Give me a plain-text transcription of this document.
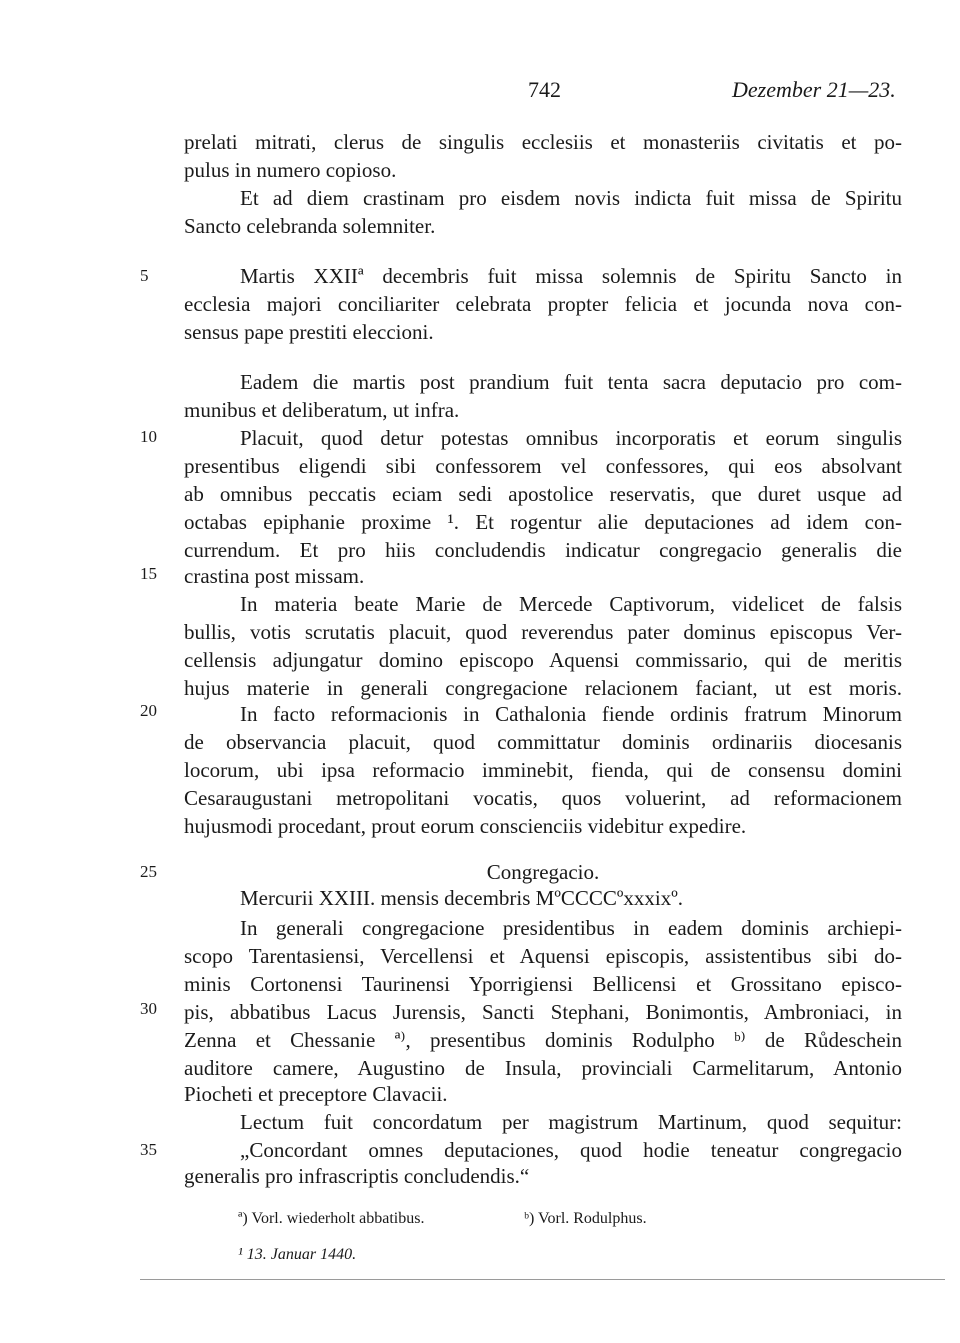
742	Dezember 21—23.
5
10
15
20
25
30
35
prelati mitrati, clerus de singulis ecclesiis et monasteriis civitatis et po-
pulus in numero copioso.
Et ad diem crastinam pro eisdem novis indicta fuit missa de Spiritu
Sancto celebranda solemniter.
Martis XXIIª decembris fuit missa solemnis de Spiritu Sancto in
ecclesia majori conciliariter celebrata propter felicia et jocunda nova con-
sensus pape prestiti eleccioni.
Eadem die martis post prandium fuit tenta sacra deputacio pro com-
munibus et deliberatum, ut infra.
Placuit, quod detur potestas omnibus incorporatis et eorum singulis
presentibus eligendi sibi confessorem vel confessores, qui eos absolvant
ab omnibus peccatis eciam sedi apostolice reservatis, que duret usque ad
octabas epiphanie proxime ¹. Et rogentur alie deputaciones ad idem con-
currendum. Et pro hiis concludendis indicatur congregacio generalis die
crastina post missam.
In materia beate Marie de Mercede Captivorum, videlicet de falsis
bullis, votis scrutatis placuit, quod reverendus pater dominus episcopus Ver-
cellensis adjungatur domino episcopo Aquensi commissario, qui de meritis
hujus materie in generali congregacione relacionem faciant, ut est moris.
In facto reformacionis in Cathalonia fiende ordinis fratrum Minorum
de observancia placuit, quod committatur dominis ordinariis diocesanis
locorum, ubi ipsa reformacio imminebit, fienda, qui de consensu domini
Cesaraugustani metropolitani vocatis, quos voluerint, ad reformacionem
hujusmodi procedant, prout eorum conscienciis videbitur expedire.
Congregacio.
Mercurii XXIII. mensis decembris MºCCCCºxxxixº.
In generali congregacione presidentibus in eadem dominis archiepi-
scopo Tarentasiensi, Vercellensi et Aquensi episcopis, assistentibus sibi do-
minis Cortonensi Taurinensi Yporrigiensi Bellicensi et Grossitano episco-
pis, abbatibus Lacus Jurensis, Sancti Stephani, Bonimontis, Ambroniaci, in
Zenna et Chessanie ª⁾, presentibus dominis Rodulpho ᵇ⁾ de Růdeschein
auditore camere, Augustino de Insula, provinciali Carmelitarum, Antonio
Piocheti et preceptore Clavacii.
Lectum fuit concordatum per magistrum Martinum, quod sequitur:
„Concordant omnes deputaciones, quod hodie teneatur congregacio
generalis pro infrascriptis concludendis.“
ª) Vorl. wiederholt abbatibus.	ᵇ) Vorl. Rodulphus.
¹ 13. Januar 1440.
